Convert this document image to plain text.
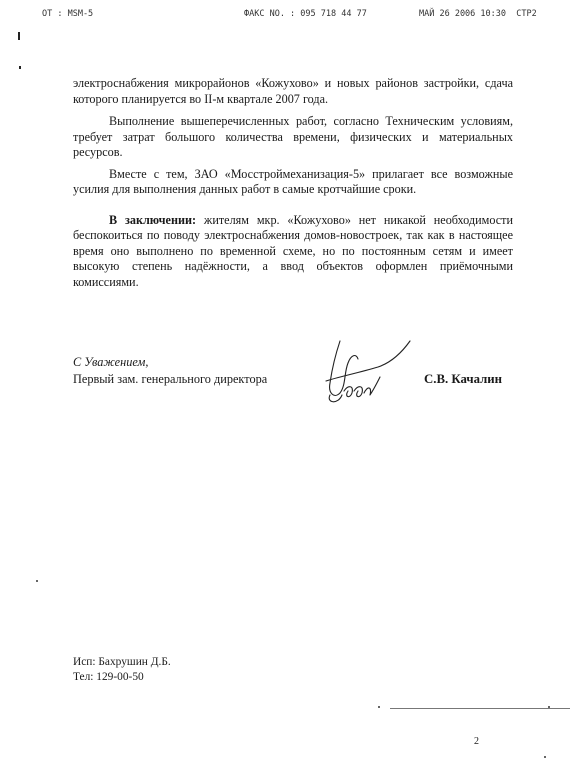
ОТ : MSM-5	ФАКС NO. : 095 718 44 77	МАЙ 26 2006 10:30  СТР2

электроснабжения микрорайонов «Кожухово» и новых районов застройки, сдача которого планируется во II-м квартале 2007 года.

Выполнение вышеперечисленных работ, согласно Техническим условиям, требует затрат большого количества времени, физических и материальных ресурсов.

Вместе с тем, ЗАО «Мосстроймеханизация-5» прилагает все возможные усилия для выполнения данных работ в самые кротчайшие сроки.

В заключении: жителям мкр. «Кожухово» нет никакой необходимости беспокоиться по поводу электроснабжения домов-новостроек, так как в настоящее время оно выполнено по временной схеме, но по постоянным сетям и имеет высокую степень надёжности, а ввод объектов оформлен приёмочными комиссиями.

С Уважением,
Первый зам. генерального директора	С.В. Качалин
Исп: Бахрушин Д.Б.
Тел: 129-00-50
2
